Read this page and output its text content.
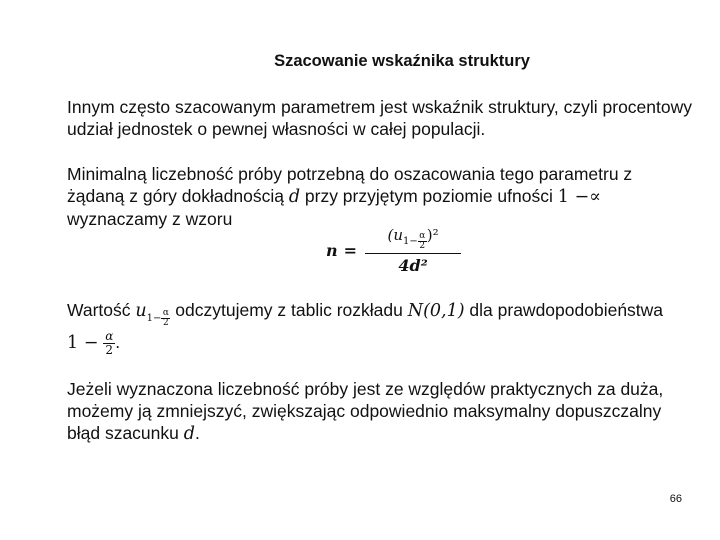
Szacowanie wskaźnika struktury
Innym często szacowanym parametrem jest wskaźnik struktury, czyli procentowy udział jednostek o pewnej własności w całej populacji.
Minimalną liczebność próby potrzebną do oszacowania tego parametru z żądaną z góry dokładnością d przy przyjętym poziomie ufności 1 −∝
wyznaczamy z wzoru
$n = (u_{1- \frac{\alpha}{2}}$ )²
4d²
Wartość $u_{1- \frac{\alpha}{2}}$ odczytujemy z tablic rozkładu N(0,1) dla prawdopodobieństwa
$1 - \frac{\alpha}{2}$ .
Jeżeli wyznaczona liczebność próby jest ze względów praktycznych za duża, możemy ją zmniejszyć, zwiększając odpowiednio maksymalny dopuszczalny błąd szacunku d.
66
